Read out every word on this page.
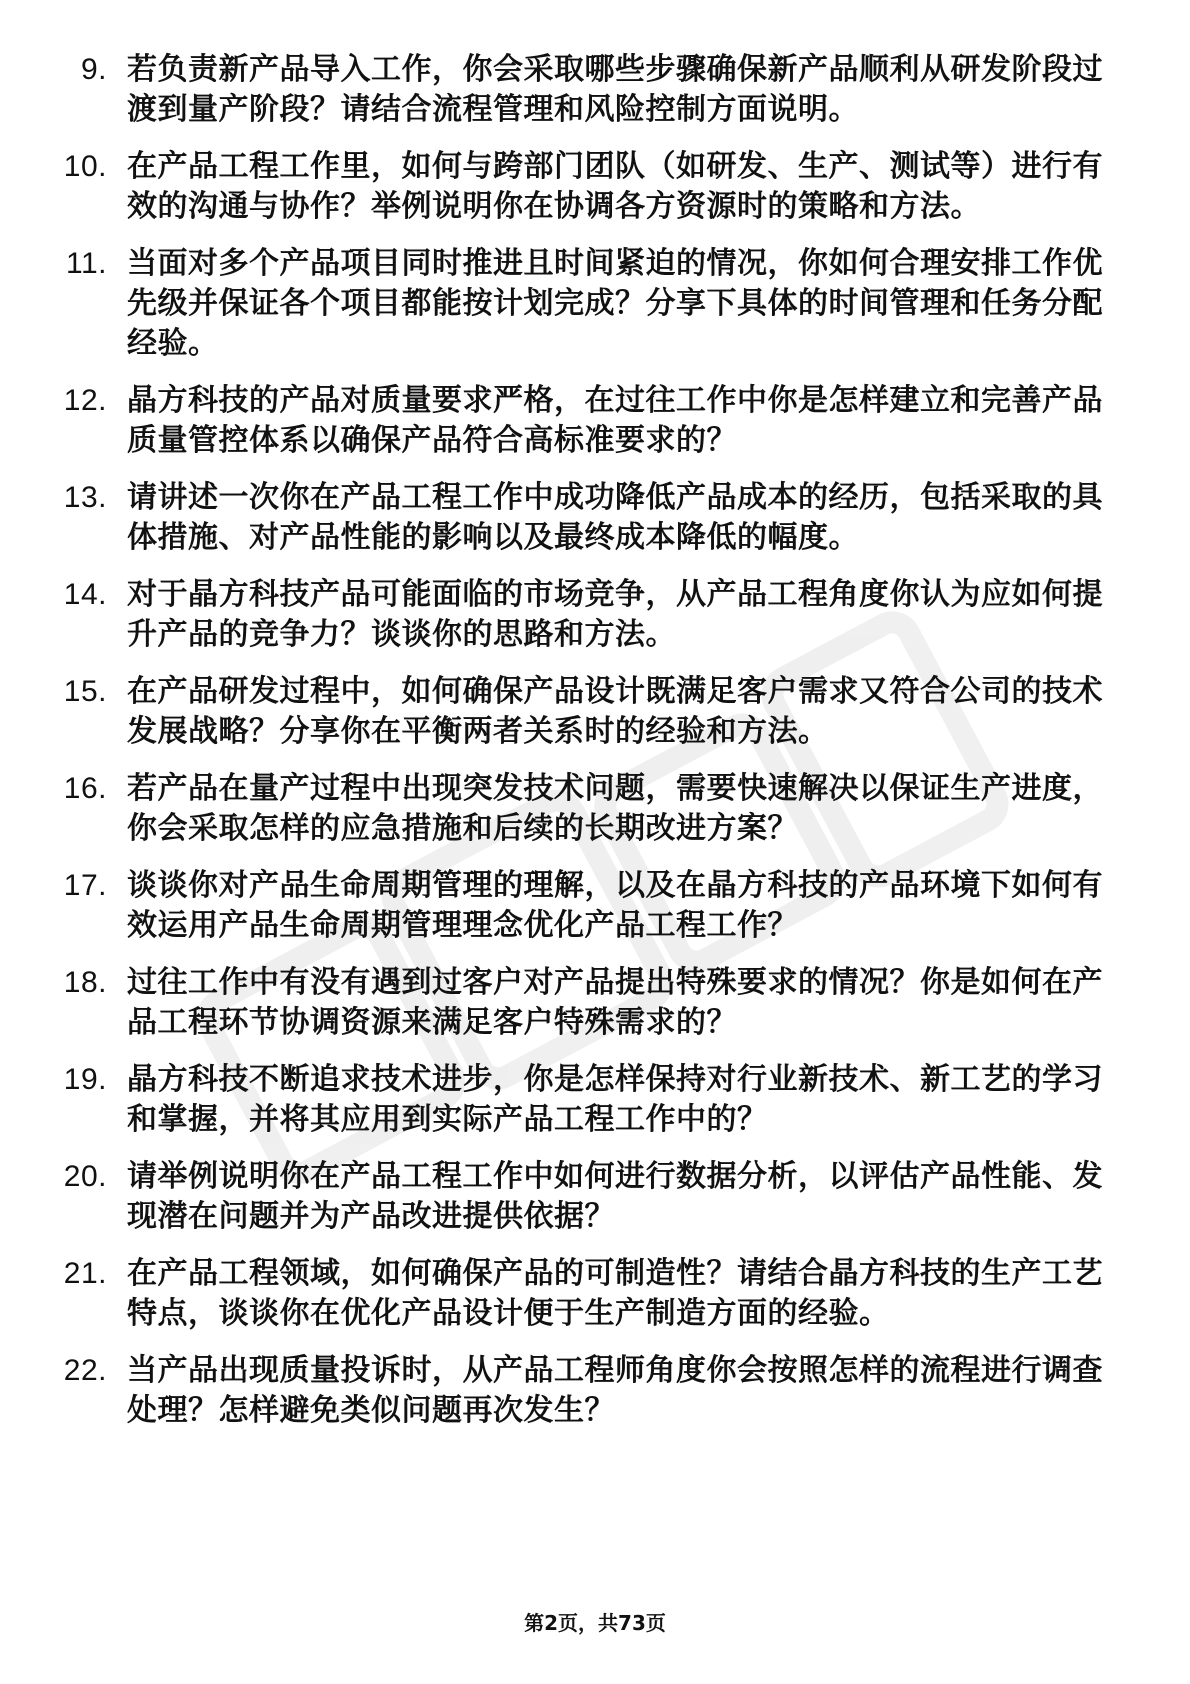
9. 若负责新产品导入工作，你会采取哪些步骤确保新产品顺利从研发阶段过渡到量产阶段？请结合流程管理和风险控制方面说明。
10. 在产品工程工作里，如何与跨部门团队（如研发、生产、测试等）进行有效的沟通与协作？举例说明你在协调各方资源时的策略和方法。
11. 当面对多个产品项目同时推进且时间紧迫的情况，你如何合理安排工作优先级并保证各个项目都能按计划完成？分享下具体的时间管理和任务分配经验。
12. 晶方科技的产品对质量要求严格，在过往工作中你是怎样建立和完善产品质量管控体系以确保产品符合高标准要求的？
13. 请讲述一次你在产品工程工作中成功降低产品成本的经历，包括采取的具体措施、对产品性能的影响以及最终成本降低的幅度。
14. 对于晶方科技产品可能面临的市场竞争，从产品工程角度你认为应如何提升产品的竞争力？谈谈你的思路和方法。
15. 在产品研发过程中，如何确保产品设计既满足客户需求又符合公司的技术发展战略？分享你在平衡两者关系时的经验和方法。
16. 若产品在量产过程中出现突发技术问题，需要快速解决以保证生产进度，你会采取怎样的应急措施和后续的长期改进方案？
17. 谈谈你对产品生命周期管理的理解，以及在晶方科技的产品环境下如何有效运用产品生命周期管理理念优化产品工程工作？
18. 过往工作中有没有遇到过客户对产品提出特殊要求的情况？你是如何在产品工程环节协调资源来满足客户特殊需求的？
19. 晶方科技不断追求技术进步，你是怎样保持对行业新技术、新工艺的学习和掌握，并将其应用到实际产品工程工作中的？
20. 请举例说明你在产品工程工作中如何进行数据分析，以评估产品性能、发现潜在问题并为产品改进提供依据？
21. 在产品工程领域，如何确保产品的可制造性？请结合晶方科技的生产工艺特点，谈谈你在优化产品设计便于生产制造方面的经验。
22. 当产品出现质量投诉时，从产品工程师角度你会按照怎样的流程进行调查处理？怎样避免类似问题再次发生？
第2页，共73页
